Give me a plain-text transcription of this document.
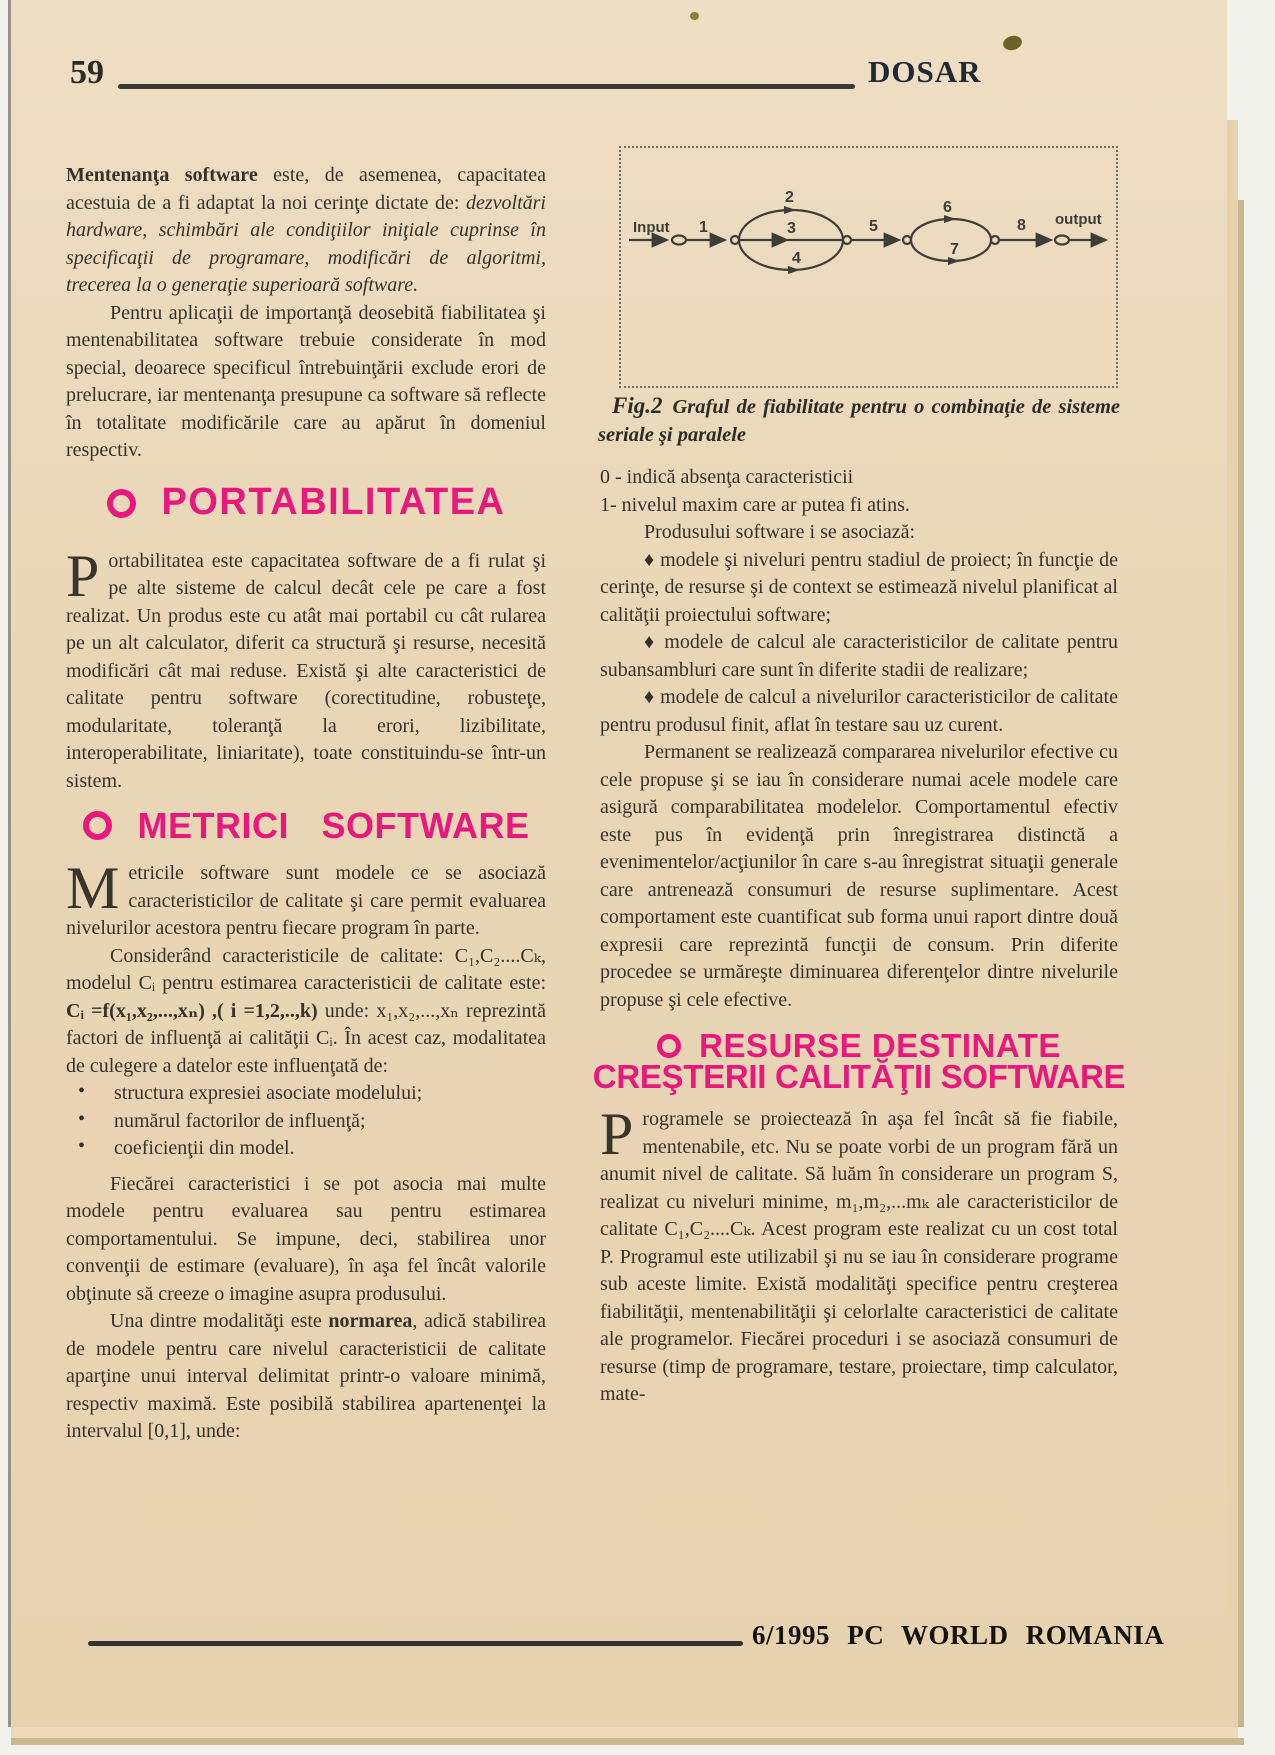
59	DOSAR
Input	output
1
2
3
4
5
6
7
8
Fig.2 Graful de fiabilitate pentru o combinaţie de sisteme seriale şi paralele

Mentenanţa software este, de asemenea, capacitatea acestuia de a fi adaptat la noi cerinţe dictate de: dezvoltări hardware, schimbări ale condiţiilor iniţiale cuprinse în specificaţii de programare, modificări de algoritmi, trecerea la o generaţie superioară software.

Pentru aplicaţii de importanţă deosebită fiabilitatea şi mentenabilitatea software trebuie considerate în mod special, deoarece specificul întrebuinţării exclude erori de prelucrare, iar mentenanţa presupune ca software să reflecte în totalitate modificările care au apărut în domeniul respectiv.

PORTABILITATEA

Portabilitatea este capacitatea software de a fi rulat şi pe alte sisteme de calcul decât cele pe care a fost realizat. Un produs este cu atât mai portabil cu cât rularea pe un alt calculator, diferit ca structură şi resurse, necesită modificări cât mai reduse. Există şi alte caracteristici de calitate pentru software (corectitudine, robusteţe, modularitate, toleranţă la erori, lizibilitate, interoperabilitate, liniaritate), toate constituindu-se într-un sistem.

METRICI SOFTWARE

Metricile software sunt modele ce se asociază caracteristicilor de calitate şi care permit evaluarea nivelurilor acestora pentru fiecare program în parte.

Considerând caracteristicile de calitate: C₁,C₂....Cₖ, modelul Cᵢ pentru estimarea caracteristicii de calitate este: Cᵢ =f(x₁,x₂,...,xₙ) ,( i =1,2,..,k) unde: x₁,x₂,...,xₙ reprezintă factori de influenţă ai calităţii Cᵢ. În acest caz, modalitatea de culegere a datelor este influenţată de:

• structura expresiei asociate modelului;

• numărul factorilor de influenţă;

• coeficienţii din model.

Fiecărei caracteristici i se pot asocia mai multe modele pentru evaluarea sau pentru estimarea comportamentului. Se impune, deci, stabilirea unor convenţii de estimare (evaluare), în aşa fel încât valorile obţinute să creeze o imagine asupra produsului.

Una dintre modalităţi este normarea, adică stabilirea de modele pentru care nivelul caracteristicii de calitate aparţine unui interval delimitat printr-o valoare minimă, respectiv maximă. Este posibilă stabilirea apartenenţei la intervalul [0,1], unde:

0 - indică absenţa caracteristicii

1- nivelul maxim care ar putea fi atins.

Produsului software i se asociază:

♦ modele şi niveluri pentru stadiul de proiect; în funcţie de cerinţe, de resurse şi de context se estimează nivelul planificat al calităţii proiectului software;

♦ modele de calcul ale caracteristicilor de calitate pentru subansambluri care sunt în diferite stadii de realizare;

♦ modele de calcul a nivelurilor caracteristicilor de calitate pentru produsul finit, aflat în testare sau uz curent.

Permanent se realizează compararea nivelurilor efective cu cele propuse şi se iau în considerare numai acele modele care asigură comparabilitatea modelelor. Comportamentul efectiv este pus în evidenţă prin înregistrarea distinctă a evenimentelor/acţiunilor în care s-au înregistrat situaţii generale care antrenează consumuri de resurse suplimentare. Acest comportament este cuantificat sub forma unui raport dintre două expresii care reprezintă funcţii de consum. Prin diferite procedee se urmăreşte diminuarea diferenţelor dintre nivelurile propuse şi cele efective.

RESURSE DESTINATE
CREŞTERII CALITĂŢII SOFTWARE

Programele se proiectează în aşa fel încât să fie fiabile, mentenabile, etc. Nu se poate vorbi de un program fără un anumit nivel de calitate. Să luăm în considerare un program S, realizat cu niveluri minime, m₁,m₂,...mₖ ale caracteristicilor de calitate C₁,C₂....Cₖ. Acest program este realizat cu un cost total P. Programul este utilizabil şi nu se iau în considerare programe sub aceste limite. Există modalităţi specifice pentru creşterea fiabilităţii, mentenabilităţii şi celorlalte caracteristici de calitate ale programelor. Fiecărei proceduri i se asociază consumuri de resurse (timp de programare, testare, proiectare, timp calculator, mate-

6/1995 PC WORLD ROMANIA
